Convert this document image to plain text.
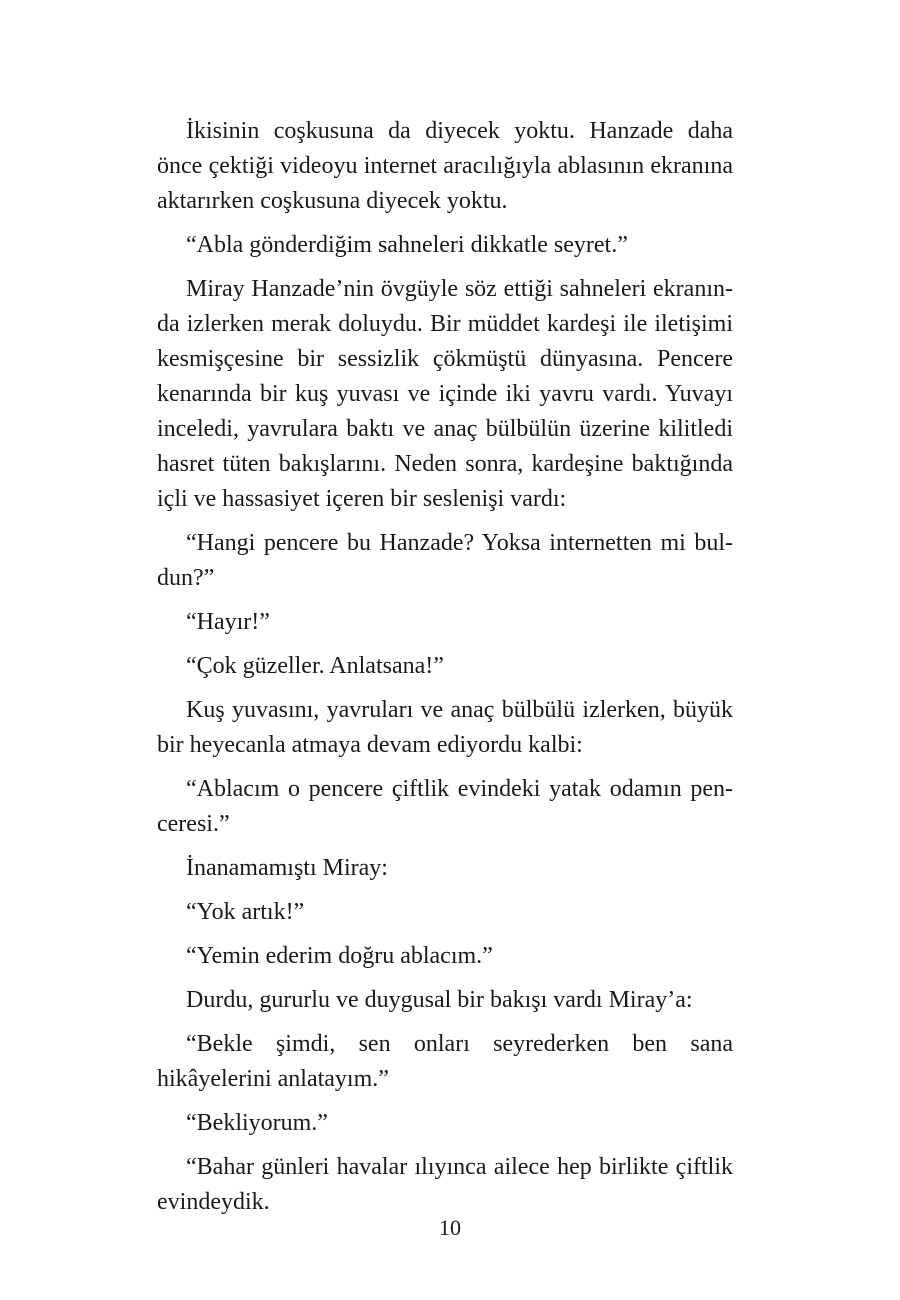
İkisinin coşkusuna da diyecek yoktu. Hanzade daha önce çektiği videoyu internet aracılığıyla ablasının ekranına aktarırken coşkusuna diyecek yoktu.

“Abla gönderdiğim sahneleri dikkatle seyret.”

Miray Hanzade’nin övgüyle söz ettiği sahneleri ekranın-da izlerken merak doluydu. Bir müddet kardeşi ile iletişimi kesmişçesine bir sessizlik çökmüştü dünyasına. Pencere kenarında bir kuş yuvası ve içinde iki yavru vardı. Yuvayı inceledi, yavrulara baktı ve anaç bülbülün üzerine kilitledi hasret tüten bakışlarını. Neden sonra, kardeşine baktığında içli ve hassasiyet içeren bir seslenişi vardı:

“Hangi pencere bu Hanzade? Yoksa internetten mi bul-dun?”

“Hayır!”

“Çok güzeller. Anlatsana!”

Kuş yuvasını, yavruları ve anaç bülbülü izlerken, büyük bir heyecanla atmaya devam ediyordu kalbi:

“Ablacım o pencere çiftlik evindeki yatak odamın pen-ceresi.”

İnanamamıştı Miray:

“Yok artık!”

“Yemin ederim doğru ablacım.”

Durdu, gururlu ve duygusal bir bakışı vardı Miray’a:

“Bekle şimdi, sen onları seyrederken ben sana hikâyelerini anlatayım.”

“Bekliyorum.”

“Bahar günleri havalar ılıyınca ailece hep birlikte çiftlik evindeydik.

10
